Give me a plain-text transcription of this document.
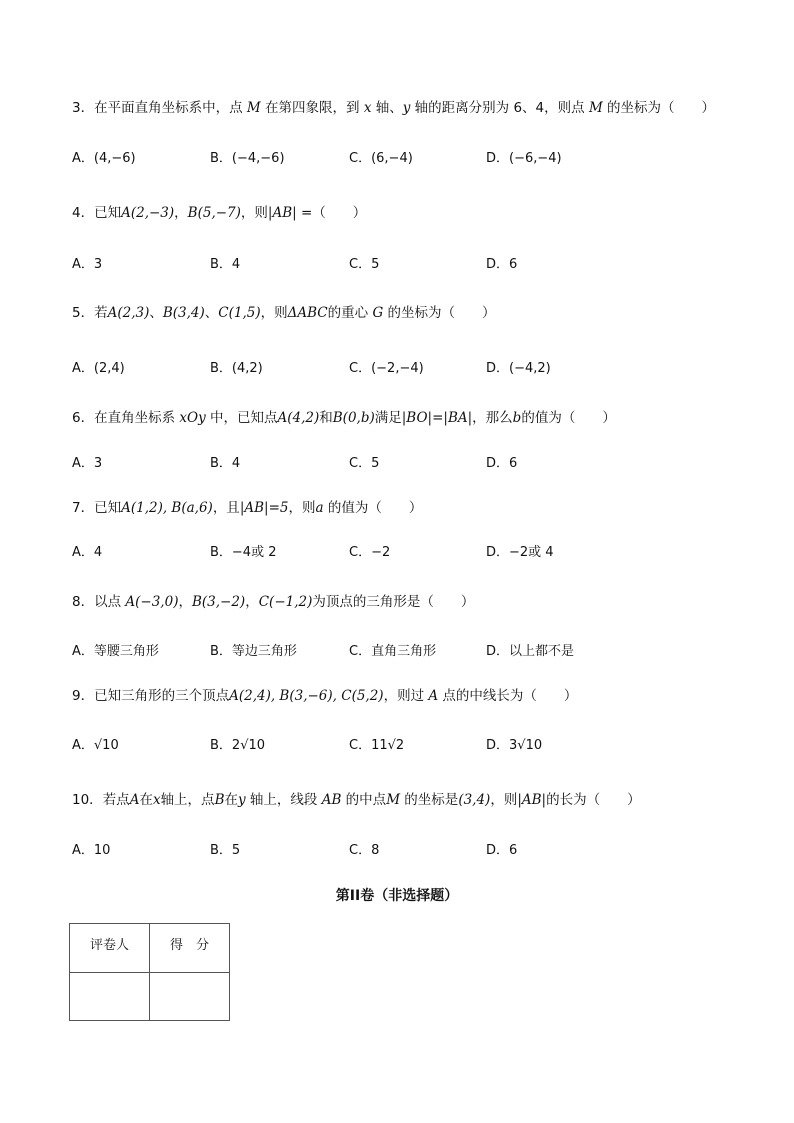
3．在平面直角坐标系中，点 M 在第四象限，到 x 轴、y 轴的距离分别为 6、4，则点 M 的坐标为（　　）
A．(4,−6)	B．(−4,−6)	C．(6,−4)	D．(−6,−4)
4．已知A(2,−3)，B(5,−7)，则|AB| =（　　）
A．3	B．4	C．5	D．6
5．若A(2,3)、B(3,4)、C(1,5)，则ΔABC的重心 G 的坐标为（　　）
A．(2,4)	B．(4,2)	C．(−2,−4)	D．(−4,2)
6．在直角坐标系 xOy 中，已知点A(4,2)和B(0,b)满足|BO|=|BA|，那么b的值为（　　）
A．3	B．4	C．5	D．6
7．已知A(1,2), B(a,6)，且|AB|=5，则a 的值为（　　）
A．4	B．−4或 2	C．−2	D．−2或 4
8．以点 A(−3,0)，B(3,−2)，C(−1,2)为顶点的三角形是（　　）
A．等腰三角形	B．等边三角形	C．直角三角形	D．以上都不是
9．已知三角形的三个顶点A(2,4), B(3,−6), C(5,2)，则过 A 点的中线长为（　　）
A．√10	B．2√10	C．11√2	D．3√10
10．若点A在x轴上，点B在y 轴上，线段 AB 的中点M 的坐标是(3,4)，则|AB|的长为（　　）
A．10	B．5	C．8	D．6
第II卷（非选择题）
评卷人	得　分
